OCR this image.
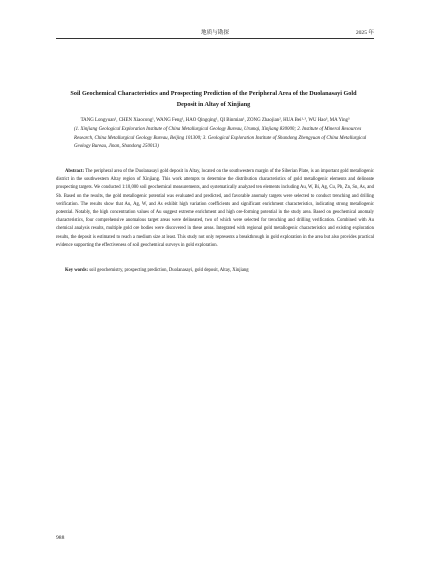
地质与勘探	2025 年
Soil Geochemical Characteristics and Prospecting Prediction of the Peripheral Area of the Duolanasayi Gold Deposit in Altay of Xinjiang
TANG Longyuan¹, CHEN Xiaocong¹, WANG Feng¹, HAO Qingqing¹, QI Binmian¹, ZONG Zhaojian², HUA Bei¹·³, WU Hao³, MA Ying³
(1. Xinjiang Geological Exploration Institute of China Metallurgical Geology Bureau, Urumqi, Xinjiang 830000; 2. Institute of Mineral Resources Research, China Metallurgical Geology Bureau, Beijing 101300; 3. Geological Exploration Institute of Shandong Zhengyuan of China Metallurgical Geology Bureau, Jinan, Shandong 250013)
Abstract: The peripheral area of the Duolanasayi gold deposit in Altay, located on the southwestern margin of the Siberian Plate, is an important gold metallogenic district in the southwestern Altay region of Xinjiang. This work attempts to determine the distribution characteristics of gold metallogenic elements and delineate prospecting targets. We conducted 1:10,000 soil geochemical measurements, and systematically analyzed ten elements including Au, W, Bi, Ag, Cu, Pb, Zn, Sn, As, and Sb. Based on the results, the gold metallogenic potential was evaluated and predicted, and favorable anomaly targets were selected to conduct trenching and drilling verification. The results show that Au, Ag, W, and As exhibit high variation coefficients and significant enrichment characteristics, indicating strong metallogenic potential. Notably, the high concentration values of Au suggest extreme enrichment and high ore-forming potential in the study area. Based on geochemical anomaly characteristics, four comprehensive anomalous target areas were delineated, two of which were selected for trenching and drilling verification. Combined with Au chemical analysis results, multiple gold ore bodies were discovered in these areas. Integrated with regional gold metallogenic characteristics and existing exploration results, the deposit is estimated to reach a medium size at least. This study not only represents a breakthrough in gold exploration in the area but also provides practical evidence supporting the effectiveness of soil geochemical surveys in gold exploration.
Key words: soil geochemistry, prospecting prediction, Duolanasayi, gold deposit, Altay, Xinjiang
988
